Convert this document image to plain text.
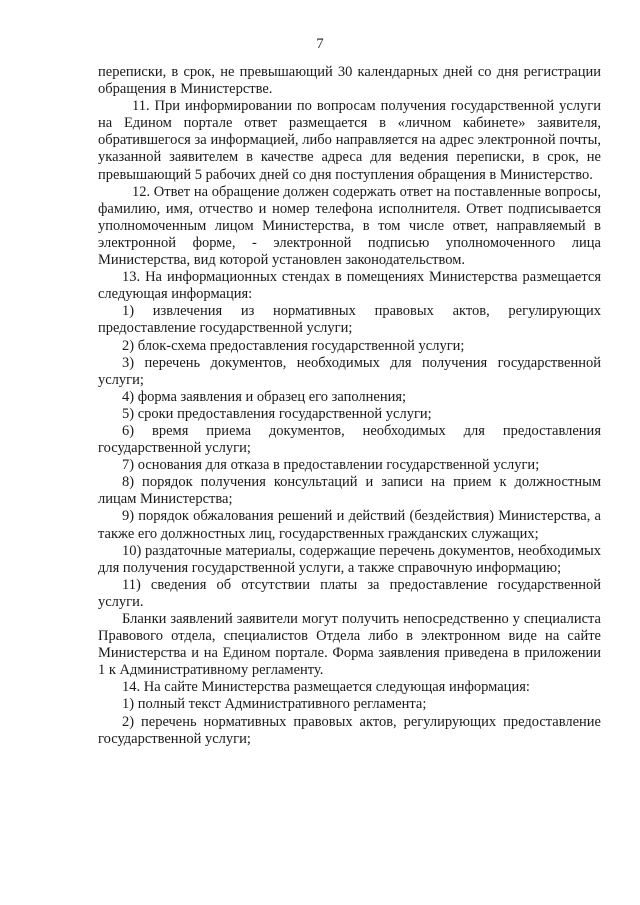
7

переписки, в срок, не превышающий 30 календарных дней со дня регистрации обращения в Министерстве.

11. При информировании по вопросам получения государственной услуги на Едином портале ответ размещается в «личном кабинете» заявителя, обратившегося за информацией, либо направляется на адрес электронной почты, указанной заявителем в качестве адреса для ведения переписки, в срок, не превышающий 5 рабочих дней со дня поступления обращения в Министерство.

12. Ответ на обращение должен содержать ответ на поставленные вопросы, фамилию, имя, отчество и номер телефона исполнителя. Ответ подписывается уполномоченным лицом Министерства, в том числе ответ, направляемый в электронной форме, - электронной подписью уполномоченного лица Министерства, вид которой установлен законодательством.

13. На информационных стендах в помещениях Министерства размещается следующая информация:

1) извлечения из нормативных правовых актов, регулирующих предоставление государственной услуги;

2) блок-схема предоставления государственной услуги;

3) перечень документов, необходимых для получения государственной услуги;

4) форма заявления и образец его заполнения;

5) сроки предоставления государственной услуги;

6) время приема документов, необходимых для предоставления государственной услуги;

7) основания для отказа в предоставлении государственной услуги;

8) порядок получения консультаций и записи на прием к должностным лицам Министерства;

9) порядок обжалования решений и действий (бездействия) Министерства, а также его должностных лиц, государственных гражданских служащих;

10) раздаточные материалы, содержащие перечень документов, необходимых для получения государственной услуги, а также справочную информацию;

11) сведения об отсутствии платы за предоставление государственной услуги.

Бланки заявлений заявители могут получить непосредственно у специалиста Правового отдела, специалистов Отдела либо в электронном виде на сайте Министерства и на Едином портале. Форма заявления приведена в приложении 1 к Административному регламенту.

14. На сайте Министерства размещается следующая информация:

1) полный текст Административного регламента;

2) перечень нормативных правовых актов, регулирующих предоставление государственной услуги;
